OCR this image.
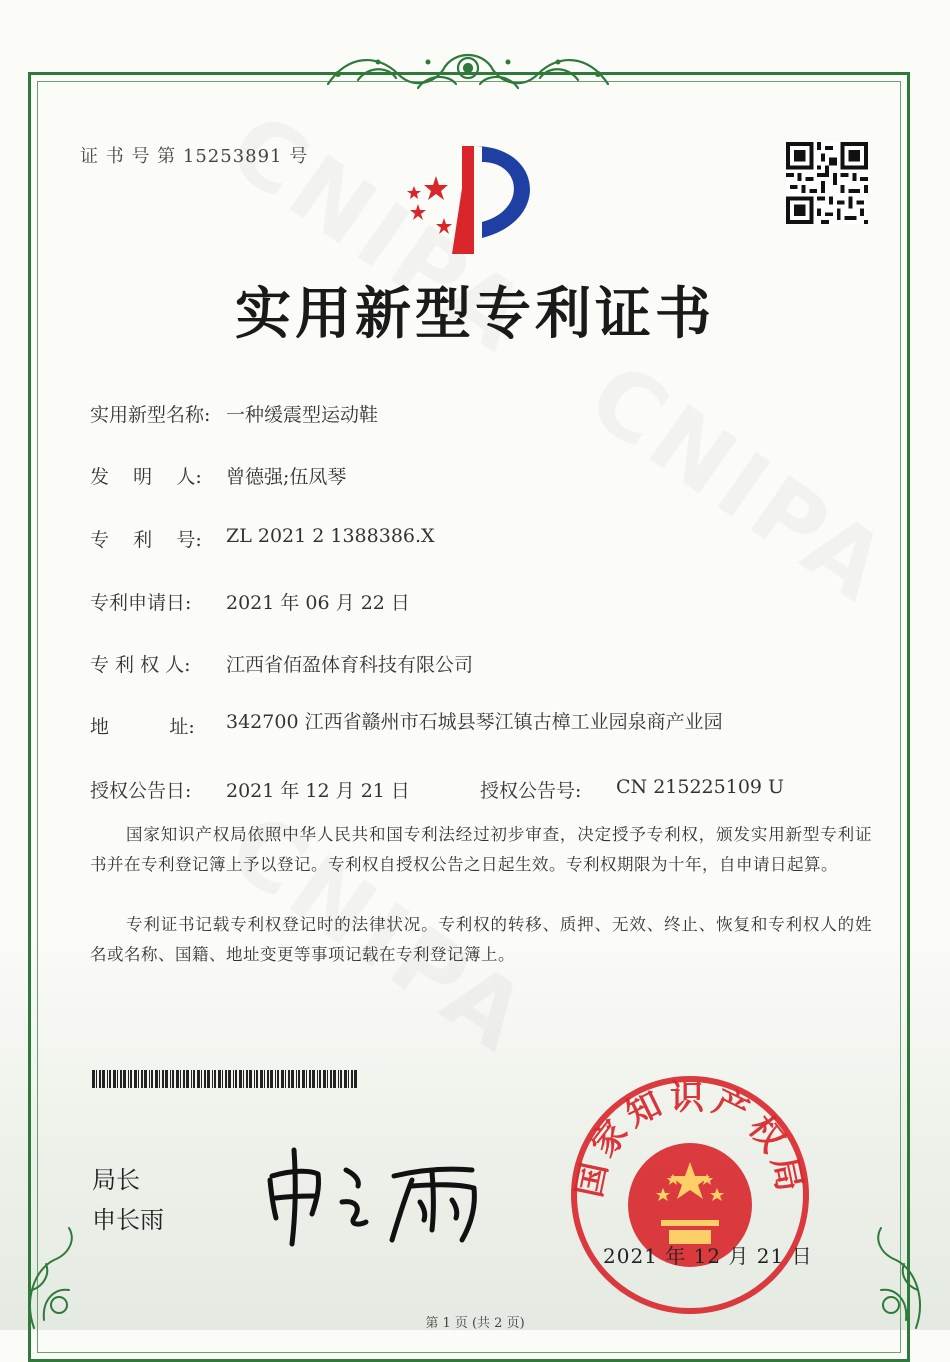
证 书 号 第 15253891 号
实用新型专利证书
实用新型名称: 一种缓震型运动鞋
发    明    人: 曾德强;伍凤琴
专    利    号: ZL 2021 2 1388386.X
专利申请日: 2021 年 06 月 22 日
专 利 权 人: 江西省佰盈体育科技有限公司
地          址: 342700 江西省赣州市石城县琴江镇古樟工业园泉商产业园
授权公告日: 2021 年 12 月 21 日	授权公告号: CN 215225109 U
国家知识产权局依照中华人民共和国专利法经过初步审查，决定授予专利权，颁发实用新型专利证书并在专利登记簿上予以登记。专利权自授权公告之日起生效。专利权期限为十年，自申请日起算。
专利证书记载专利权登记时的法律状况。专利权的转移、质押、无效、终止、恢复和专利权人的姓名或名称、国籍、地址变更等事项记载在专利登记簿上。
局长
申长雨
国家知识产权局
2021 年 12 月 21 日
第 1 页 (共 2 页)
